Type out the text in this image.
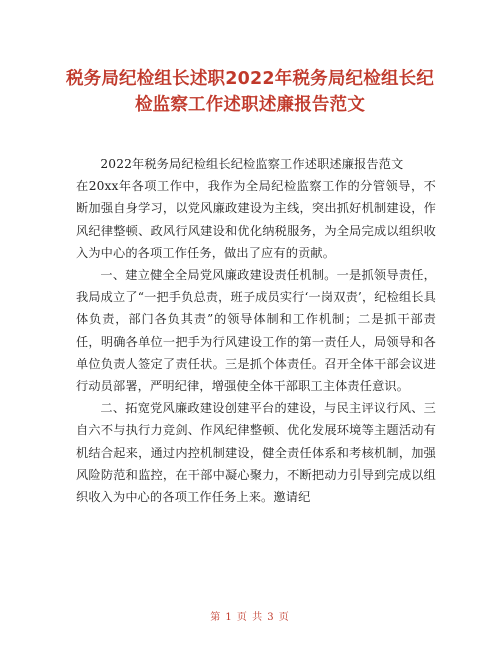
税务局纪检组长述职2022年税务局纪检组长纪检监察工作述职述廉报告范文

2022年税务局纪检组长纪检监察工作述职述廉报告范文

在20xx年各项工作中，我作为全局纪检监察工作的分管领导，不断加强自身学习，以党风廉政建设为主线，突出抓好机制建设，作风纪律整顿、政风行风建设和优化纳税服务，为全局完成以组织收入为中心的各项工作任务，做出了应有的贡献。

一、建立健全全局党风廉政建设责任机制。一是抓领导责任，我局成立了“一把手负总责，班子成员实行‘一岗双责’，纪检组长具体负责，部门各负其责”的领导体制和工作机制；二是抓干部责任，明确各单位一把手为行风建设工作的第一责任人，局领导和各单位负责人签定了责任状。三是抓个体责任。召开全体干部会议进行动员部署，严明纪律，增强使全体干部职工主体责任意识。

二、拓宽党风廉政建设创建平台的建设，与民主评议行风、三自六不与执行力竞剑、作风纪律整顿、优化发展环境等主题活动有机结合起来，通过内控机制建设，健全责任体系和考核机制，加强风险防范和监控，在干部中凝心聚力，不断把动力引导到完成以组织收入为中心的各项工作任务上来。邀请纪

第 1 页 共 3 页
